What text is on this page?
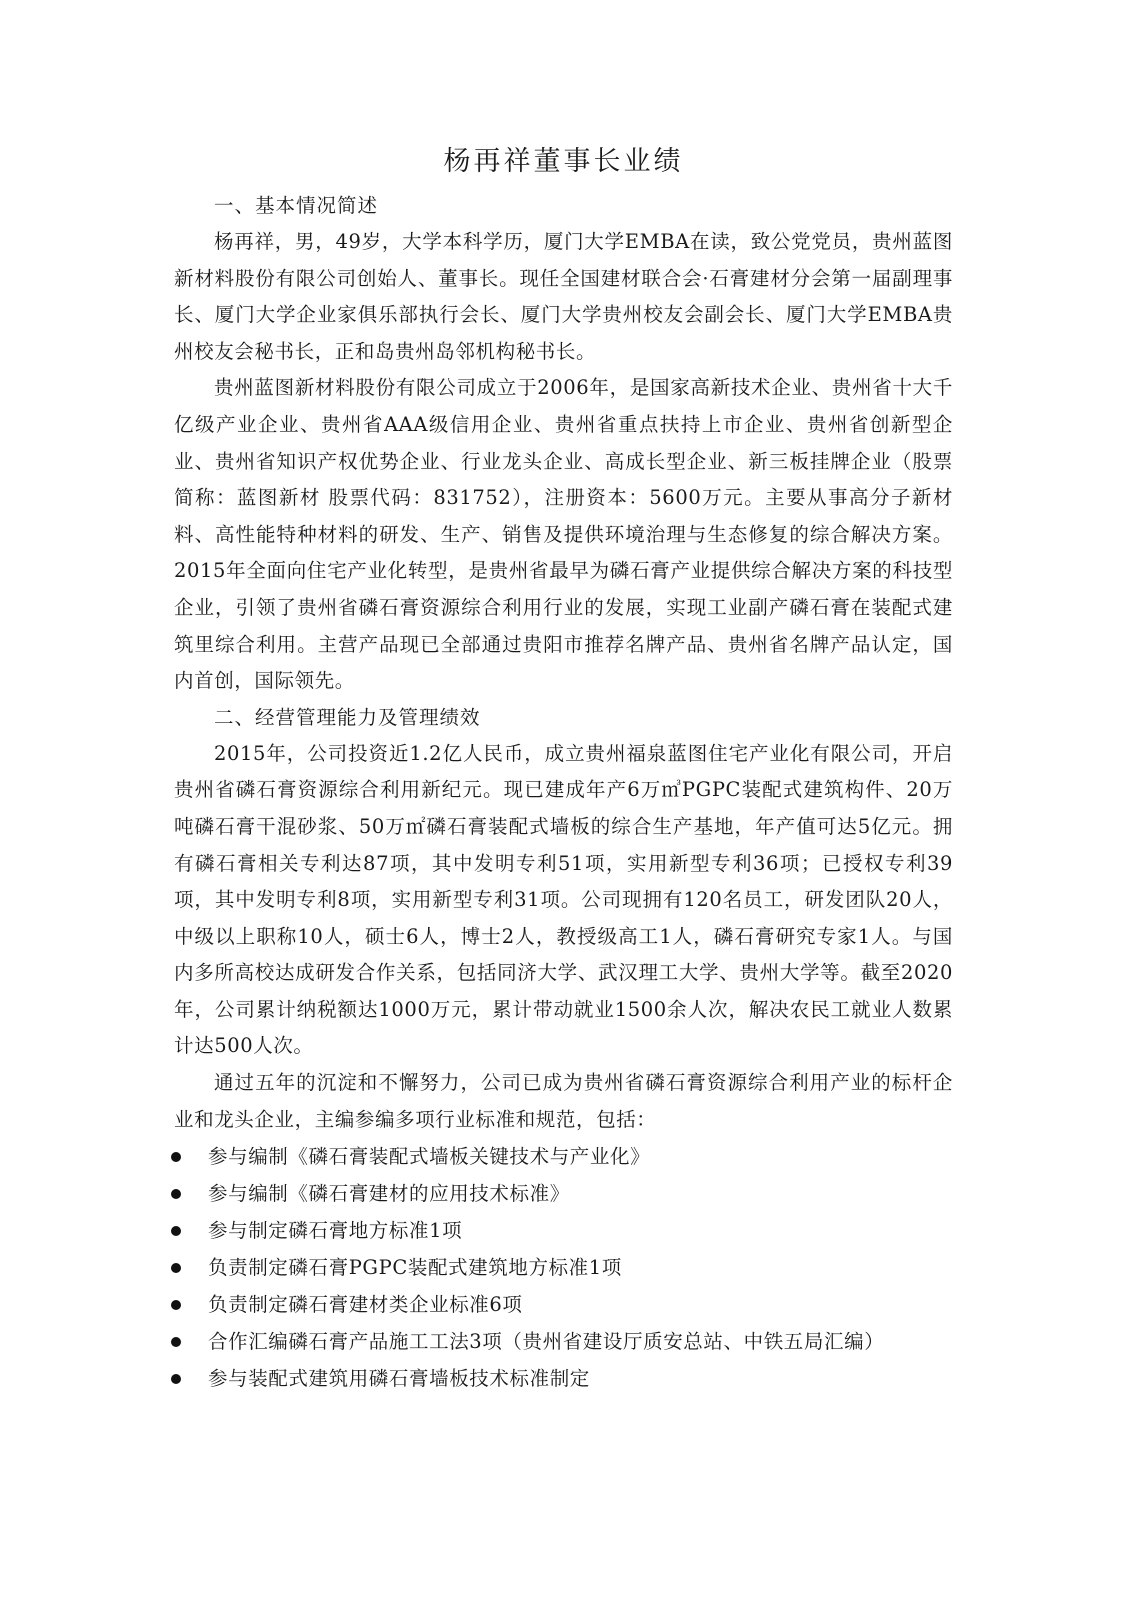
杨再祥董事长业绩

一、基本情况简述

杨再祥，男，49岁，大学本科学历，厦门大学EMBA在读，致公党党员，贵州蓝图新材料股份有限公司创始人、董事长。现任全国建材联合会·石膏建材分会第一届副理事长、厦门大学企业家俱乐部执行会长、厦门大学贵州校友会副会长、厦门大学EMBA贵州校友会秘书长，正和岛贵州岛邻机构秘书长。

贵州蓝图新材料股份有限公司成立于2006年，是国家高新技术企业、贵州省十大千亿级产业企业、贵州省AAA级信用企业、贵州省重点扶持上市企业、贵州省创新型企业、贵州省知识产权优势企业、行业龙头企业、高成长型企业、新三板挂牌企业（股票简称：蓝图新材 股票代码：831752），注册资本：5600万元。主要从事高分子新材料、高性能特种材料的研发、生产、销售及提供环境治理与生态修复的综合解决方案。2015年全面向住宅产业化转型，是贵州省最早为磷石膏产业提供综合解决方案的科技型企业，引领了贵州省磷石膏资源综合利用行业的发展，实现工业副产磷石膏在装配式建筑里综合利用。主营产品现已全部通过贵阳市推荐名牌产品、贵州省名牌产品认定，国内首创，国际领先。

二、经营管理能力及管理绩效

2015年，公司投资近1.2亿人民币，成立贵州福泉蓝图住宅产业化有限公司，开启贵州省磷石膏资源综合利用新纪元。现已建成年产6万㎥PGPC装配式建筑构件、20万吨磷石膏干混砂浆、50万㎡磷石膏装配式墙板的综合生产基地，年产值可达5亿元。拥有磷石膏相关专利达87项，其中发明专利51项，实用新型专利36项；已授权专利39项，其中发明专利8项，实用新型专利31项。公司现拥有120名员工，研发团队20人，中级以上职称10人，硕士6人，博士2人，教授级高工1人，磷石膏研究专家1人。与国内多所高校达成研发合作关系，包括同济大学、武汉理工大学、贵州大学等。截至2020年，公司累计纳税额达1000万元，累计带动就业1500余人次，解决农民工就业人数累计达500人次。

通过五年的沉淀和不懈努力，公司已成为贵州省磷石膏资源综合利用产业的标杆企业和龙头企业，主编参编多项行业标准和规范，包括：

参与编制《磷石膏装配式墙板关键技术与产业化》
参与编制《磷石膏建材的应用技术标准》
参与制定磷石膏地方标准1项
负责制定磷石膏PGPC装配式建筑地方标准1项
负责制定磷石膏建材类企业标准6项
合作汇编磷石膏产品施工工法3项（贵州省建设厅质安总站、中铁五局汇编）
参与装配式建筑用磷石膏墙板技术标准制定
